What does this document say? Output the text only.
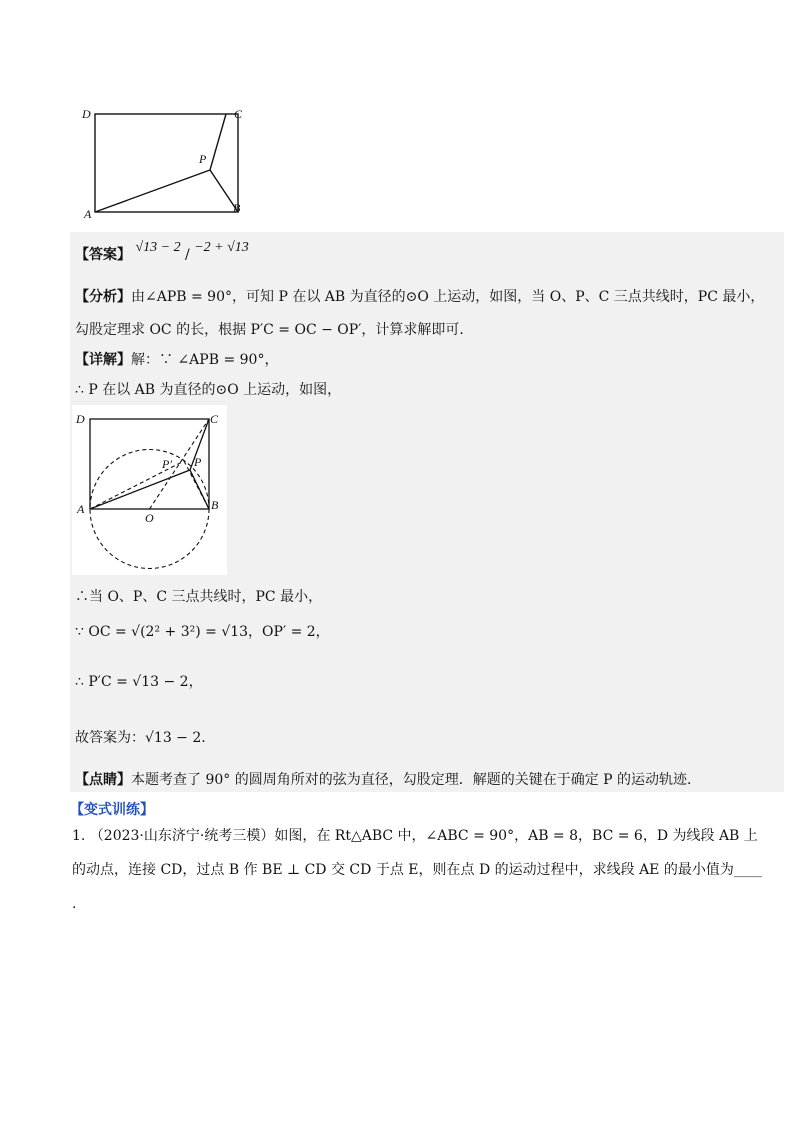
D	C
P
A	B
【答案】 √13 − 2 / −2 + √13
【分析】由∠APB = 90°，可知 P 在以 AB 为直径的⊙O 上运动，如图，当 O、P、C 三点共线时，PC 最小，
勾股定理求 OC 的长，根据 P′C = OC − OP′，计算求解即可.
【详解】解：∵ ∠APB = 90°，
∴ P 在以 AB 为直径的⊙O 上运动，如图，
D	C
P′ P
A	B
O
∴当 O、P、C 三点共线时，PC 最小，
∵ OC = √(2² + 3²) = √13，OP′ = 2，
∴ P′C = √13 − 2，
故答案为：√13 − 2.
【点睛】本题考查了 90° 的圆周角所对的弦为直径，勾股定理．解题的关键在于确定 P 的运动轨迹.
【变式训练】
1. （2023·山东济宁·统考三模）如图，在 Rt△ABC 中，∠ABC = 90°，AB = 8，BC = 6，D 为线段 AB 上
的动点，连接 CD，过点 B 作 BE ⊥ CD 交 CD 于点 E，则在点 D 的运动过程中，求线段 AE 的最小值为____
.
